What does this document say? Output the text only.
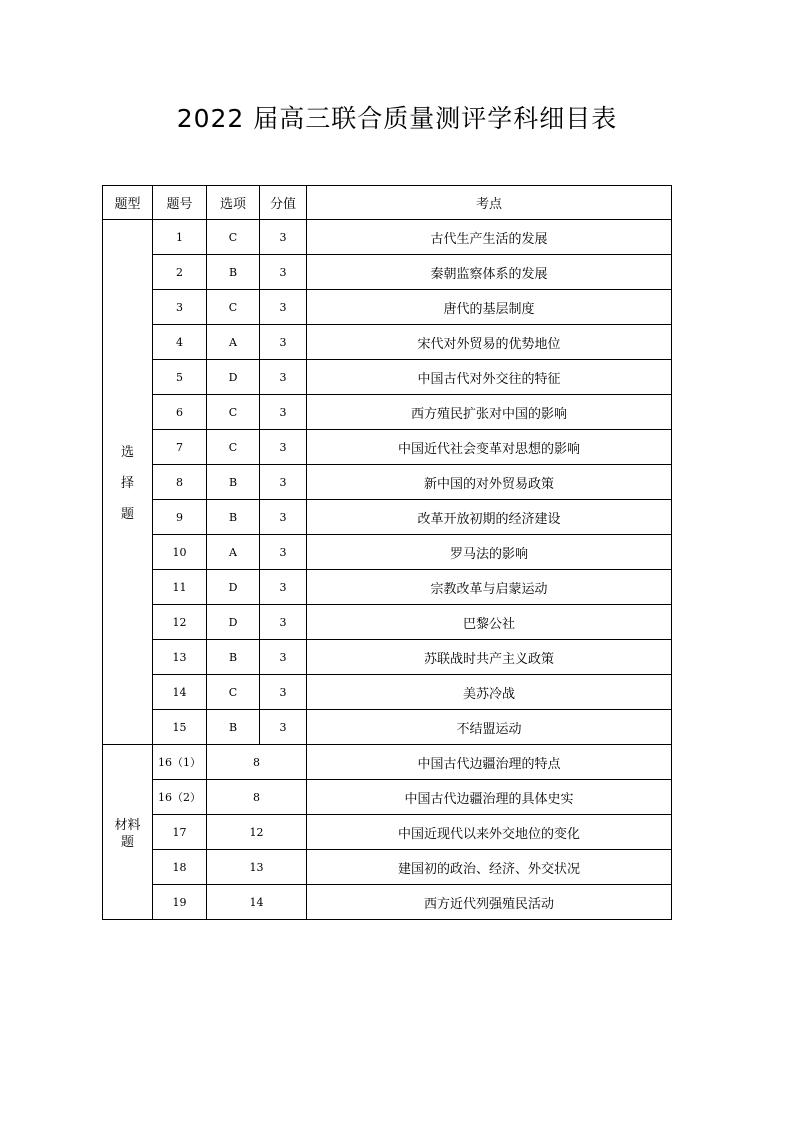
2022 届高三联合质量测评学科细目表
题型	题号	选项	分值	考点

选
择
题	1	C	3	古代生产生活的发展
	2	B	3	秦朝监察体系的发展
	3	C	3	唐代的基层制度
	4	A	3	宋代对外贸易的优势地位
	5	D	3	中国古代对外交往的特征
	6	C	3	西方殖民扩张对中国的影响
	7	C	3	中国近代社会变革对思想的影响
	8	B	3	新中国的对外贸易政策
	9	B	3	改革开放初期的经济建设
	10	A	3	罗马法的影响
	11	D	3	宗教改革与启蒙运动
	12	D	3	巴黎公社
	13	B	3	苏联战时共产主义政策
	14	C	3	美苏冷战
	15	B	3	不结盟运动

材料
题	16（1）	8		中国古代边疆治理的特点
	16（2）	8		中国古代边疆治理的具体史实
	17	12		中国近现代以来外交地位的变化
	18	13		建国初的政治、经济、外交状况
	19	14		西方近代列强殖民活动
